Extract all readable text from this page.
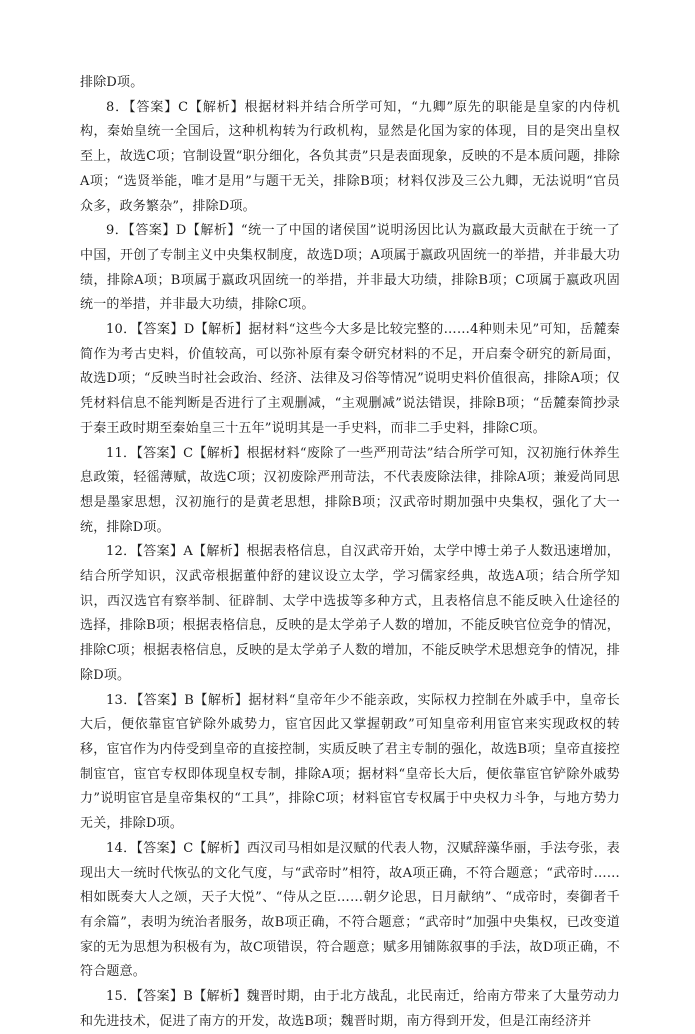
排除D项。

8．【答案】C【解析】根据材料并结合所学可知，“九卿”原先的职能是皇家的内侍机构，秦始皇统一全国后，这种机构转为行政机构，显然是化国为家的体现，目的是突出皇权至上，故选C项；官制设置“职分细化，各负其责”只是表面现象，反映的不是本质问题，排除A项；“选贤举能，唯才是用”与题干无关，排除B项；材料仅涉及三公九卿，无法说明“官员众多，政务繁杂”，排除D项。

9．【答案】D【解析】“统一了中国的诸侯国”说明汤因比认为嬴政最大贡献在于统一了中国，开创了专制主义中央集权制度，故选D项；A项属于嬴政巩固统一的举措，并非最大功绩，排除A项；B项属于嬴政巩固统一的举措，并非最大功绩，排除B项；C项属于嬴政巩固统一的举措，并非最大功绩，排除C项。

10．【答案】D【解析】据材料“这些今大多是比较完整的……4种则未见”可知，岳麓秦简作为考古史料，价值较高，可以弥补原有秦令研究材料的不足，开启秦令研究的新局面，故选D项；“反映当时社会政治、经济、法律及习俗等情况”说明史料价值很高，排除A项；仅凭材料信息不能判断是否进行了主观删减，“主观删减”说法错误，排除B项；“岳麓秦简抄录于秦王政时期至秦始皇三十五年”说明其是一手史料，而非二手史料，排除C项。

11．【答案】C【解析】根据材料“废除了一些严刑苛法”结合所学可知，汉初施行休养生息政策，轻徭薄赋，故选C项；汉初废除严刑苛法，不代表废除法律，排除A项；兼爱尚同思想是墨家思想，汉初施行的是黄老思想，排除B项；汉武帝时期加强中央集权，强化了大一统，排除D项。

12．【答案】A【解析】根据表格信息，自汉武帝开始，太学中博士弟子人数迅速增加，结合所学知识，汉武帝根据董仲舒的建议设立太学，学习儒家经典，故选A项；结合所学知识，西汉选官有察举制、征辟制、太学中选拔等多种方式，且表格信息不能反映入仕途径的选择，排除B项；根据表格信息，反映的是太学弟子人数的增加，不能反映官位竞争的情况，排除C项；根据表格信息，反映的是太学弟子人数的增加，不能反映学术思想竞争的情况，排除D项。

13．【答案】B【解析】据材料“皇帝年少不能亲政，实际权力控制在外戚手中，皇帝长大后，便依靠宦官铲除外戚势力，宦官因此又掌握朝政”可知皇帝利用宦官来实现政权的转移，宦官作为内侍受到皇帝的直接控制，实质反映了君主专制的强化，故选B项；皇帝直接控制宦官，宦官专权即体现皇权专制，排除A项；据材料“皇帝长大后，便依靠宦官铲除外戚势力”说明宦官是皇帝集权的“工具”，排除C项；材料宦官专权属于中央权力斗争，与地方势力无关，排除D项。

14．【答案】C【解析】西汉司马相如是汉赋的代表人物，汉赋辞藻华丽，手法夸张，表现出大一统时代恢弘的文化气度，与“武帝时”相符，故A项正确，不符合题意；“武帝时……相如既奏大人之颂，天子大悦”、“侍从之臣……朝夕论思，日月献纳”、“成帝时，奏御者千有余篇”，表明为统治者服务，故B项正确，不符合题意；“武帝时”加强中央集权，已改变道家的无为思想为积极有为，故C项错误，符合题意；赋多用铺陈叙事的手法，故D项正确，不符合题意。

15．【答案】B【解析】魏晋时期，由于北方战乱，北民南迁，给南方带来了大量劳动力和先进技术，促进了南方的开发，故选B项；魏晋时期，南方得到开发，但是江南经济并
